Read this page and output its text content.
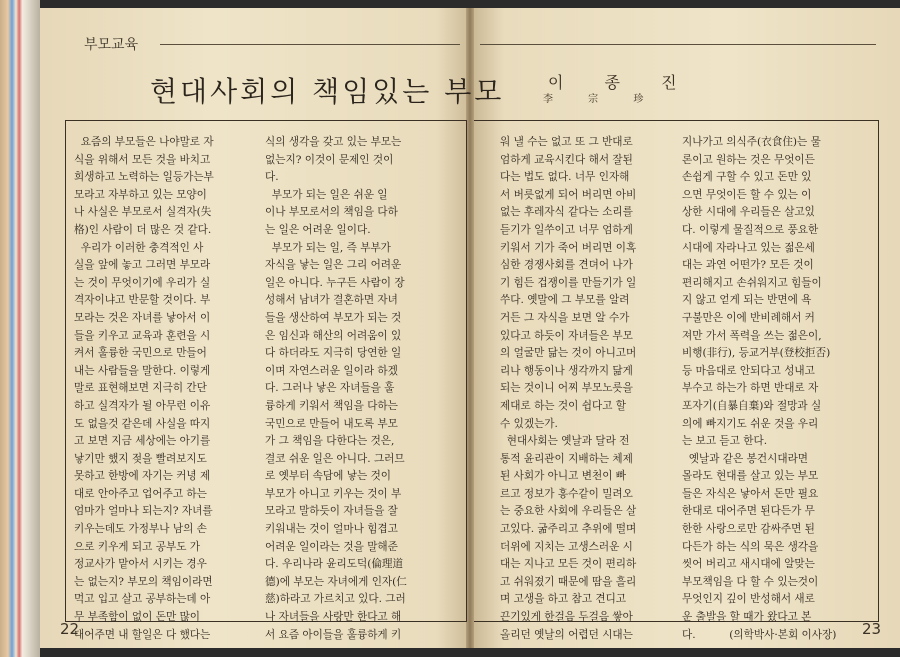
부모교육
현대사회의 책임있는 부모	이 종 진
李 宗 珍

요즘의 부모들은 나야말로 자

식을 위해서 모든 것을 바치고

희생하고 노력하는 일등가는부

모라고 자부하고 있는 모양이

나 사실은 부모로서 실격자(失

格)인 사람이 더 많은 것 같다.

우리가 이러한 충격적인 사

실을 앞에 놓고 그러면 부모라

는 것이 무엇이기에 우리가 실

격자이냐고 반문할 것이다. 부

모라는 것은 자녀를 낳아서 이

들을 키우고 교육과 훈련을 시

켜서 훌륭한 국민으로 만들어

내는 사람들을 말한다. 이렇게

말로 표현해보면 지극히 간단

하고 실격자가 될 아무런 이유

도 없을것 같은데 사실을 따지

고 보면 지금 세상에는 아기를

낳기만 했지 젖을 빨려보지도

못하고 한방에 자기는 커녕 제

대로 안아주고 업어주고 하는

엄마가 얼마나 되는지? 자녀를

키우는데도 가정부나 남의 손

으로 키우게 되고 공부도 가

정교사가 맡아서 시키는 경우

는 없는지? 부모의 책임이라면

먹고 입고 살고 공부하는데 아

무 부족함이 없이 돈만 많이

대어주면 내 할일은 다 했다는

식의 생각을 갖고 있는 부모는

없는지? 이것이 문제인 것이

다.

부모가 되는 일은 쉬운 일

이나 부모로서의 책임을 다하

는 일은 어려운 일이다.

부모가 되는 일, 즉 부부가

자식을 낳는 일은 그리 어려운

일은 아니다. 누구든 사람이 장

성해서 남녀가 결혼하면 자녀

들을 생산하여 부모가 되는 것

은 임신과 해산의 어려움이 있

다 하더라도 지극히 당연한 일

이며 자연스러운 일이라 하겠

다. 그러나 낳은 자녀들을 훌

륭하게 키워서 책임을 다하는

국민으로 만들어 내도록 부모

가 그 책임을 다한다는 것은,

결코 쉬운 일은 아니다. 그러므

로 옛부터 속담에 낳는 것이

부모가 아니고 키우는 것이 부

모라고 말하듯이 자녀들을 잘

키워내는 것이 얼마나 힘겹고

어려운 일이라는 것을 말해준

다. 우리나라 윤리도덕(倫理道

德)에 부모는 자녀에게 인자(仁

慈)하라고 가르치고 있다. 그러

나 자녀들을 사랑만 한다고 해

서 요즘 아이들을 훌륭하게 키

워 낼 수는 없고 또 그 반대로

엄하게 교육시킨다 해서 잘된

다는 법도 없다. 너무 인자해

서 버릇없게 되어 버리면 아비

없는 후레자식 같다는 소리를

듣기가 일쑤이고 너무 엄하게

키워서 기가 죽어 버리면 이혹

심한 경쟁사회를 견뎌어 나가

기 힘든 겁쟁이를 만들기가 일

쑤다. 옛말에 그 부모를 알려

거든 그 자식을 보면 알 수가

있다고 하듯이 자녀들은 부모

의 얼굴만 닮는 것이 아니고머

리나 행동이나 생각까지 닮게

되는 것이니 어찌 부모노릇을

제대로 하는 것이 쉽다고 할

수 있겠는가.

현대사회는 옛날과 달라 전

통적 윤리관이 지배하는 체제

된 사회가 아니고 변천이 빠

르고 정보가 홍수같이 밀려오

는 중요한 사회에 우리들은 살

고있다. 굶주리고 추위에 떨며

더위에 지치는 고생스러운 시

대는 지나고 모든 것이 편리하

고 쉬워졌기 때문에 땀을 흘리

며 고생을 하고 참고 견디고

끈기있게 한걸음 두걸음 쌓아

올리던 옛날의 어렵던 시대는

지나가고 의식주(衣食住)는 물

론이고 원하는 것은 무엇이든

손쉽게 구할 수 있고 돈만 있

으면 무엇이든 할 수 있는 이

상한 시대에 우리들은 살고있

다. 이렇게 물질적으로 풍요한

시대에 자라나고 있는 젊은세

대는 과연 어떤가? 모든 것이

편리해지고 손쉬워지고 힘들이

지 않고 얻게 되는 반면에 욕

구불만은 이에 반비례해서 커

져만 가서 폭력을 쓰는 젊은이,

비행(非行), 등교거부(登校拒否)

등 마음대로 안되다고 성내고

부수고 하는가 하면 반대로 자

포자기(自暴自棄)와 절망과 실

의에 빠지기도 쉬운 것을 우리

는 보고 듣고 한다.

옛날과 같은 봉건시대라면

몰라도 현대를 살고 있는 부모

들은 자식은 낳아서 돈만 필요

한대로 대어주면 된다든가 무

한한 사랑으로만 감싸주면 된

다든가 하는 식의 묵은 생각을

씻어 버리고 새시대에 알맞는

부모책임을 다 할 수 있는것이

무엇인지 깊이 반성해서 새로

운 출발을 할 때가 왔다고 본

다.          (의학박사·본회 이사장)

22	23
